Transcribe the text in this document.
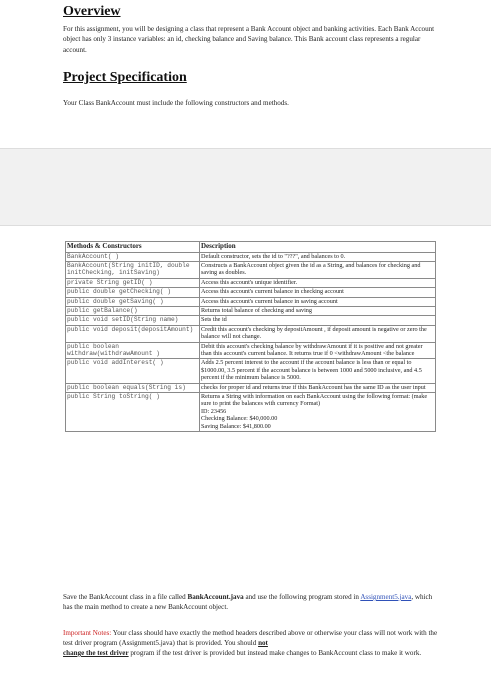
Overview
For this assignment, you will be designing a class that represent a Bank Account object and banking activities. Each Bank Account object has only 3 instance variables: an id, checking balance and Saving balance. This Bank account class represents a regular account.
Project Specification
Your Class BankAccount must include the following constructors and methods.
Methods & Constructors	Description
BankAccount( )	Default constructor, sets the id to "???", and balances to 0.
BankAccount(String initID, double initChecking, initSaving)	Constructs a BankAccount object given the id as a String, and balances for checking and saving as doubles.
private String getID( )	Access this account's unique identifier.
public double getChecking( )	Access this account's current balance in checking account
public double getSaving( )	Access this account's current balance in saving account
public getBalance()	Returns total balance of checking and saving
public void setID(String name)	Sets the id
public void deposit(depositAmount)	Credit this account's checking by depositAmount , if deposit amount is negative or zero the balance will not change.
public boolean withdraw(withdrawAmount )	Debit this account's checking balance by withdrawAmount if it is positive and not greater than this account's current balance. It returns true if 0 <withdrawAmount <the balance
public void addInterest( )	Adds 2.5 percent interest to the account if the account balance is less than or equal to $1000.00, 3.5 percent if the account balance is between 1000 and 5000 inclusive, and 4.5 percent if the minimum balance is 5000.
public boolean equals(String is)	checks for proper id and returns true if this BankAccount has the same ID as the user input
public String toString( )	Returns a String with information on each BankAccount using the following format: (make sure to print the balances with currency Format)
ID: 23456
Checking Balance: $40,000.00
Saving Balance: $41,800.00
Save the BankAccount class in a file called BankAccount.java and use the following program stored in Assignment5.java, which has the main method to create a new BankAccount object.
Important Notes: Your class should have exactly the method headers described above or otherwise your class will not work with the test driver program (Assignment5.java) that is provided. You should not
change the test driver program if the test driver is provided but instead make changes to BankAccount class to make it work.
